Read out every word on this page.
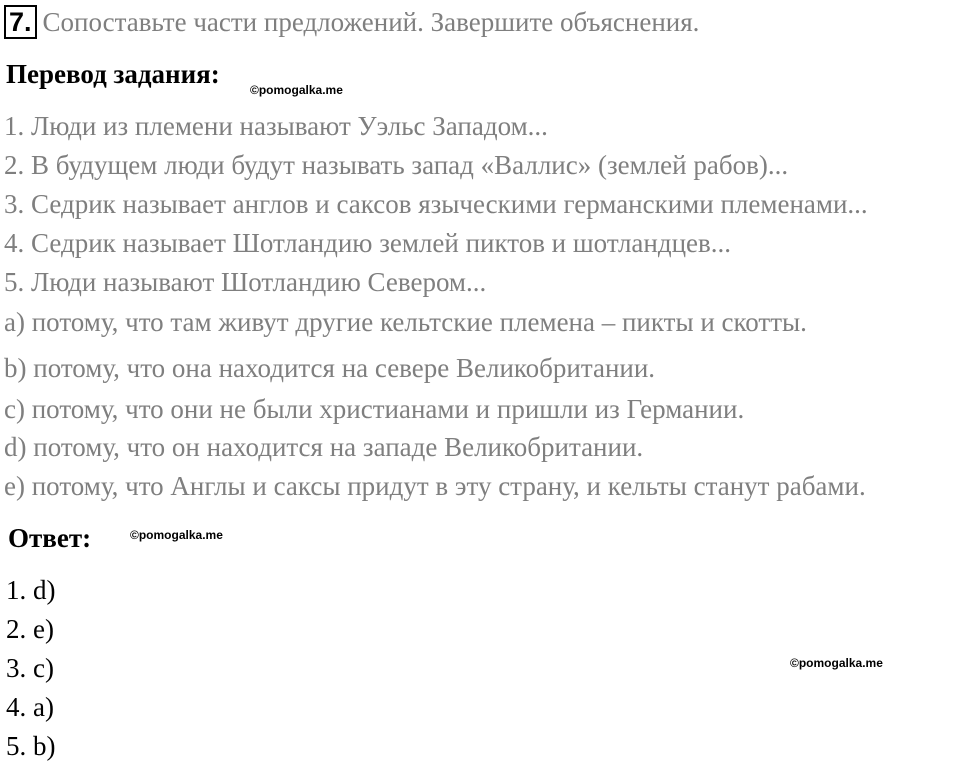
7. Сопоставьте части предложений. Завершите объяснения.
Перевод задания:
©pomogalka.me
1. Люди из племени называют Уэльс Западом...
2. В будущем люди будут называть запад «Валлис» (землей рабов)...
3. Седрик называет англов и саксов языческими германскими племенами...
4. Седрик называет Шотландию землей пиктов и шотландцев...
5. Люди называют Шотландию Севером...
a) потому, что там живут другие кельтские племена – пикты и скотты.
b) потому, что она находится на севере Великобритании.
c) потому, что они не были христианами и пришли из Германии.
d) потому, что он находится на западе Великобритании.
e) потому, что Англы и саксы придут в эту страну, и кельты станут рабами.
Ответ:	©pomogalka.me
1. d)
2. e)
3. c)
4. a)
5. b)
©pomogalka.me
